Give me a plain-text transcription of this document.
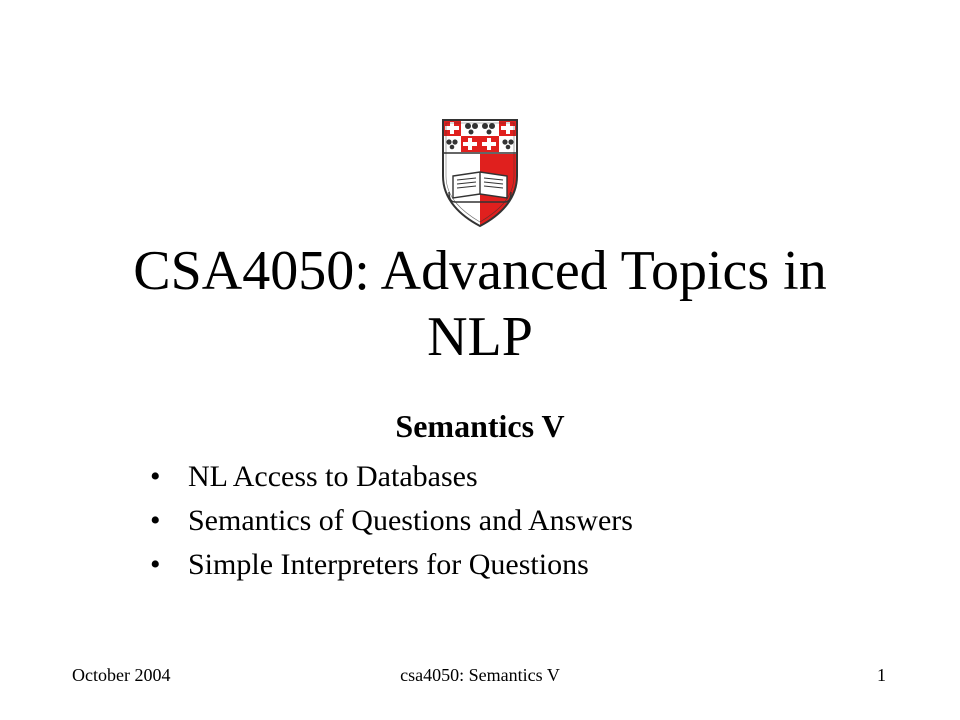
CSA4050: Advanced Topics in
NLP
Semantics V
• NL Access to Databases
• Semantics of Questions and Answers
• Simple Interpreters for Questions
October 2004	csa4050: Semantics V	1
